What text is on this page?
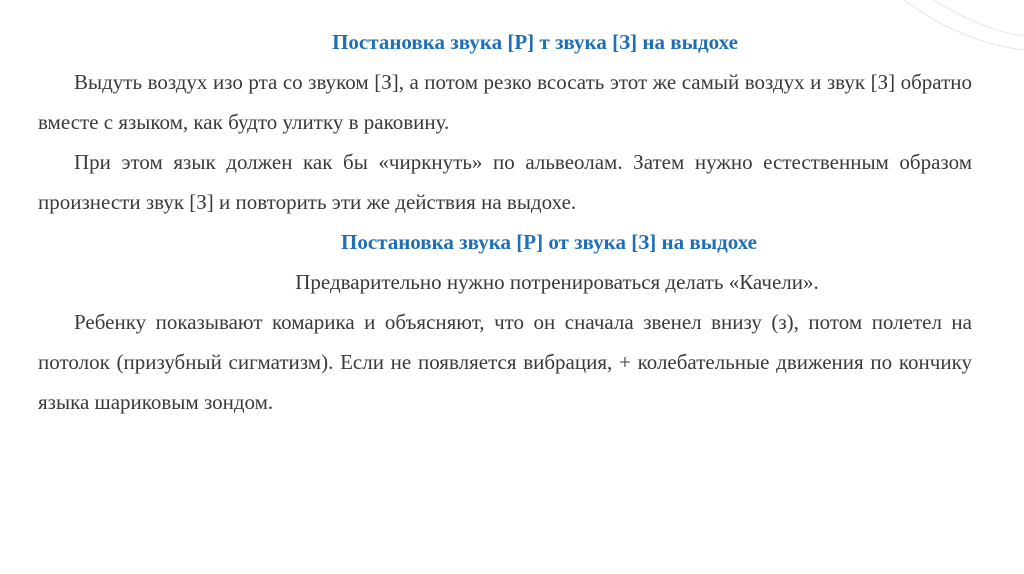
Постановка звука [Р] т звука [З] на выдохе

Выдуть воздух изо рта со звуком [З], а потом резко всосать этот же самый воздух и звук [З] обратно вместе с языком, как будто улитку в раковину.

При этом язык должен как бы «чиркнуть» по альвеолам. Затем нужно естественным образом произнести звук [З] и повторить эти же действия на выдохе.

Постановка звука [Р] от звука [З] на выдохе

Предварительно нужно потренироваться делать «Качели».

Ребенку показывают комарика и объясняют, что он сначала звенел внизу (з), потом полетел на потолок (призубный сигматизм). Если не появляется вибрация, + колебательные движения по кончику языка шариковым зондом.
